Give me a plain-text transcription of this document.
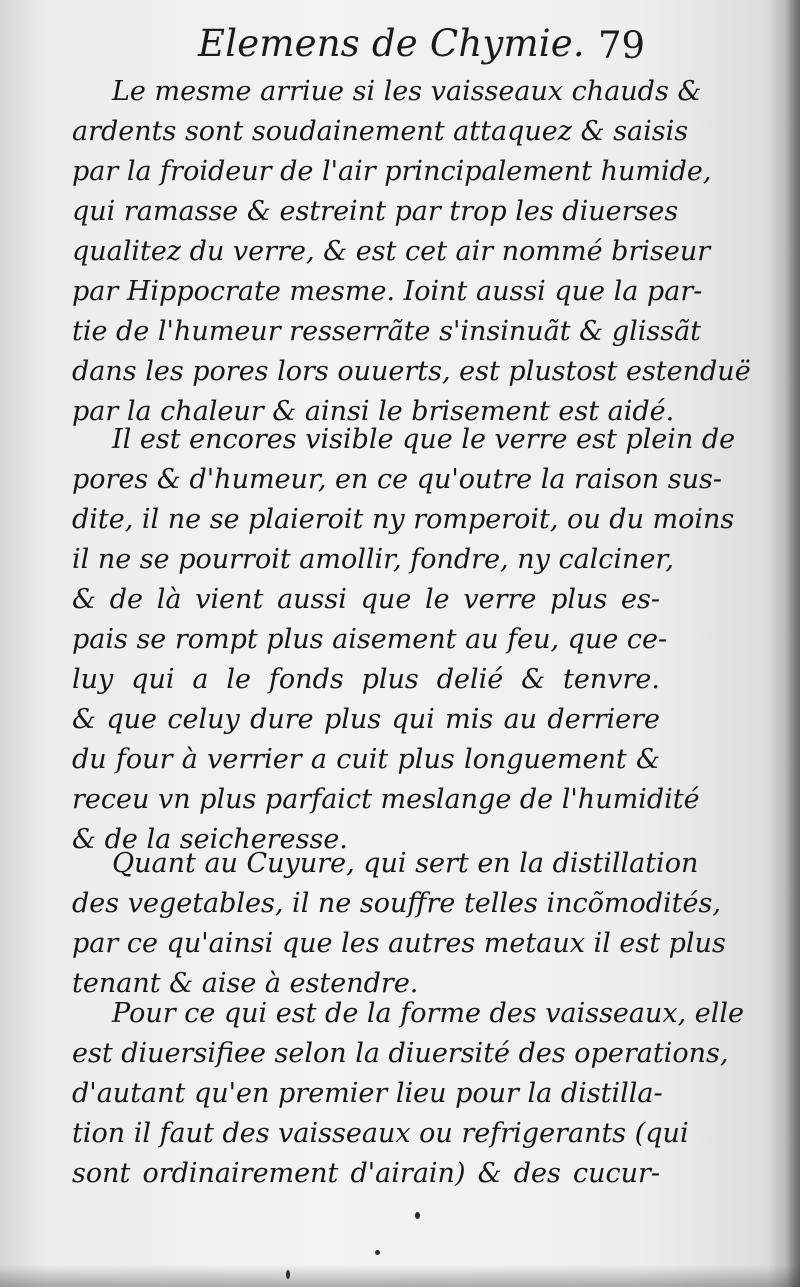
Elemens de Chymie. 79
Le mesme arriue si les vaisseaux chauds &
ardents sont soudainement attaquez & saisis
par la froideur de l'air principalement humide,
qui ramasse & estreint par trop les diuerses
qualitez du verre, & est cet air nommé briseur
par Hippocrate mesme. Ioint aussi que la par-
tie de l'humeur resserrãte s'insinuãt & glissãt
dans les pores lors ouuerts, est plustost estenduë
par la chaleur & ainsi le brisement est aidé.
Il est encores visible que le verre est plein de
pores & d'humeur, en ce qu'outre la raison sus-
dite, il ne se plaieroit ny romperoit, ou du moins
il ne se pourroit amollir, fondre, ny calciner,
& de là vient aussi que le verre plus es-
pais se rompt plus aisement au feu, que ce-
luy qui a le fonds plus delié & tenvre.
& que celuy dure plus qui mis au derriere
du four à verrier a cuit plus longuement &
receu vn plus parfaict meslange de l'humidité
& de la seicheresse.
Quant au Cuyure, qui sert en la distillation
des vegetables, il ne souffre telles incõmodités,
par ce qu'ainsi que les autres metaux il est plus
tenant & aise à estendre.
Pour ce qui est de la forme des vaisseaux, elle
est diuersifiee selon la diuersité des operations,
d'autant qu'en premier lieu pour la distilla-
tion il faut des vaisseaux ou refrigerants (qui
sont ordinairement d'airain) & des cucur-
